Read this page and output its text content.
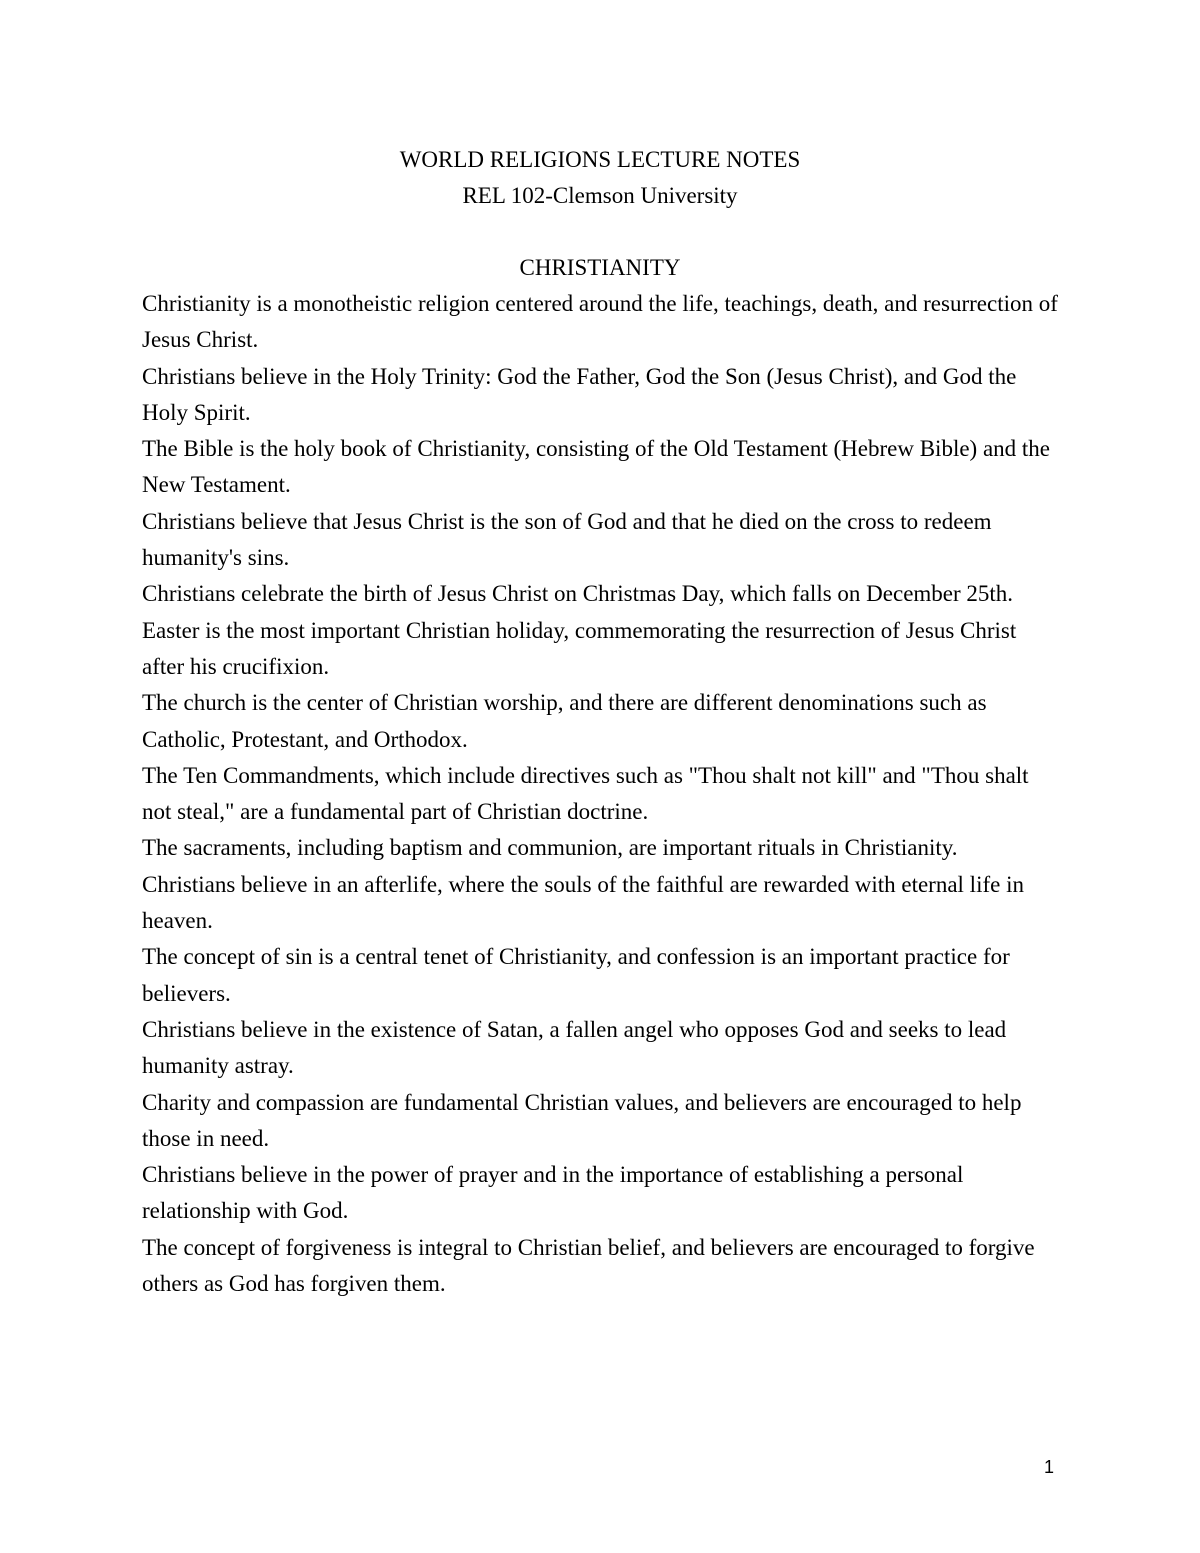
WORLD RELIGIONS LECTURE NOTES

REL 102-Clemson University

CHRISTIANITY

Christianity is a monotheistic religion centered around the life, teachings, death, and resurrection of Jesus Christ.

Christians believe in the Holy Trinity: God the Father, God the Son (Jesus Christ), and God the Holy Spirit.

The Bible is the holy book of Christianity, consisting of the Old Testament (Hebrew Bible) and the New Testament.

Christians believe that Jesus Christ is the son of God and that he died on the cross to redeem humanity's sins.

Christians celebrate the birth of Jesus Christ on Christmas Day, which falls on December 25th.

Easter is the most important Christian holiday, commemorating the resurrection of Jesus Christ after his crucifixion.

The church is the center of Christian worship, and there are different denominations such as Catholic, Protestant, and Orthodox.

The Ten Commandments, which include directives such as "Thou shalt not kill" and "Thou shalt not steal," are a fundamental part of Christian doctrine.

The sacraments, including baptism and communion, are important rituals in Christianity.

Christians believe in an afterlife, where the souls of the faithful are rewarded with eternal life in heaven.

The concept of sin is a central tenet of Christianity, and confession is an important practice for believers.

Christians believe in the existence of Satan, a fallen angel who opposes God and seeks to lead humanity astray.

Charity and compassion are fundamental Christian values, and believers are encouraged to help those in need.

Christians believe in the power of prayer and in the importance of establishing a personal relationship with God.

The concept of forgiveness is integral to Christian belief, and believers are encouraged to forgive others as God has forgiven them.

1
